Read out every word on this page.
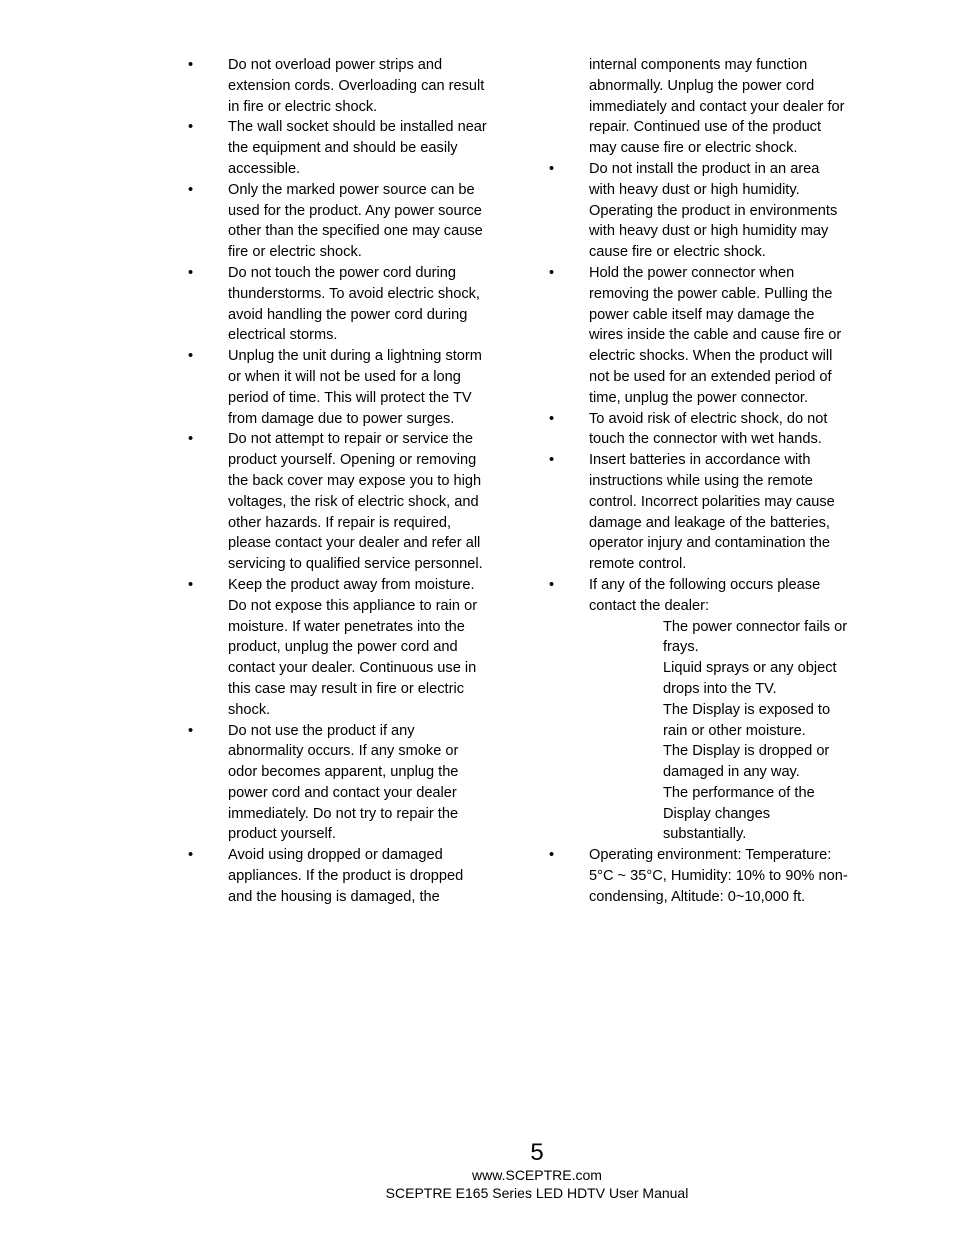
•	Do not overload power strips and extension cords. Overloading can result in fire or electric shock.

•	The wall socket should be installed near the equipment and should be easily accessible.

•	Only the marked power source can be used for the product. Any power source other than the specified one may cause fire or electric shock.

•	Do not touch the power cord during thunderstorms. To avoid electric shock, avoid handling the power cord during electrical storms.

•	Unplug the unit during a lightning storm or when it will not be used for a long period of time. This will protect the TV from damage due to power surges.

•	Do not attempt to repair or service the product yourself. Opening or removing the back cover may expose you to high voltages, the risk of electric shock, and other hazards. If repair is required, please contact your dealer and refer all servicing to qualified service personnel.

•	Keep the product away from moisture. Do not expose this appliance to rain or moisture. If water penetrates into the product, unplug the power cord and contact your dealer. Continuous use in this case may result in fire or electric shock.

•	Do not use the product if any abnormality occurs. If any smoke or odor becomes apparent, unplug the power cord and contact your dealer immediately. Do not try to repair the product yourself.

•	Avoid using dropped or damaged appliances. If the product is dropped and the housing is damaged, the

internal components may function abnormally. Unplug the power cord immediately and contact your dealer for repair. Continued use of the product may cause fire or electric shock.

•	Do not install the product in an area with heavy dust or high humidity. Operating the product in environments with heavy dust or high humidity may cause fire or electric shock.

•	Hold the power connector when removing the power cable. Pulling the power cable itself may damage the wires inside the cable and cause fire or electric shocks. When the product will not be used for an extended period of time, unplug the power connector.

•	To avoid risk of electric shock, do not touch the connector with wet hands.

•	Insert batteries in accordance with instructions while using the remote control. Incorrect polarities may cause damage and leakage of the batteries, operator injury and contamination the remote control.

•	If any of the following occurs please contact the dealer:

The power connector fails or frays.

Liquid sprays or any object drops into the TV.

The Display is exposed to rain or other moisture.

The Display is dropped or damaged in any way.

The performance of the Display changes substantially.

•	Operating environment: Temperature: 5°C ~ 35°C, Humidity: 10% to 90% non-condensing, Altitude: 0~10,000 ft.

5
www.SCEPTRE.com
SCEPTRE E165 Series LED HDTV User Manual
